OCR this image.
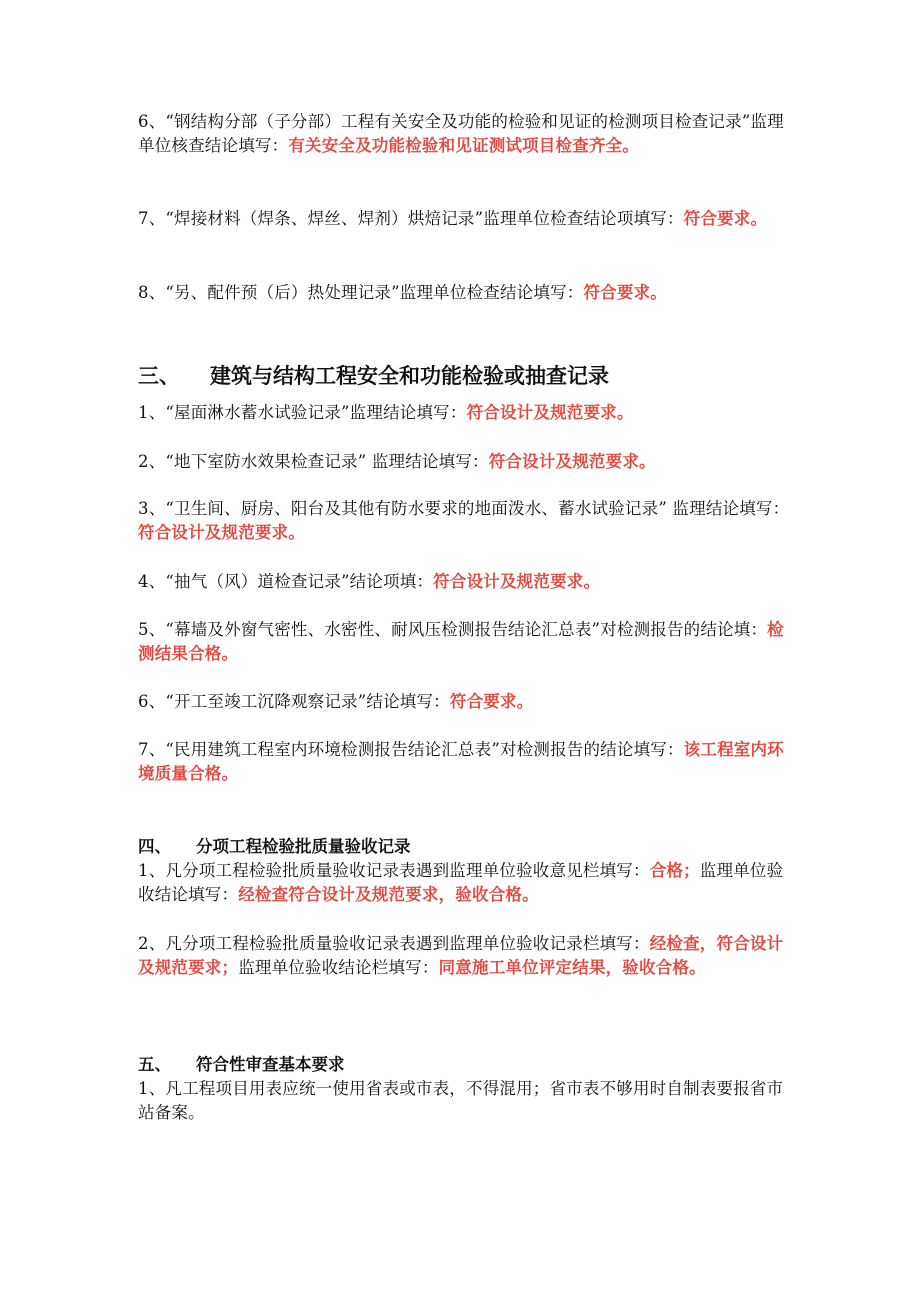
6、“钢结构分部（子分部）工程有关安全及功能的检验和见证的检测项目检查记录”监理单位核查结论填写：有关安全及功能检验和见证测试项目检查齐全。

7、“焊接材料（焊条、焊丝、焊剂）烘焙记录”监理单位检查结论项填写：符合要求。

8、“另、配件预（后）热处理记录”监理单位检查结论填写：符合要求。

三、 建筑与结构工程安全和功能检验或抽查记录

1、“屋面淋水蓄水试验记录”监理结论填写：符合设计及规范要求。

2、“地下室防水效果检查记录” 监理结论填写：符合设计及规范要求。

3、“卫生间、厨房、阳台及其他有防水要求的地面泼水、蓄水试验记录” 监理结论填写：符合设计及规范要求。

4、“抽气（风）道检查记录”结论项填：符合设计及规范要求。

5、“幕墙及外窗气密性、水密性、耐风压检测报告结论汇总表”对检测报告的结论填：检测结果合格。

6、“开工至竣工沉降观察记录”结论填写：符合要求。

7、“民用建筑工程室内环境检测报告结论汇总表”对检测报告的结论填写：该工程室内环境质量合格。

四、 分项工程检验批质量验收记录

1、凡分项工程检验批质量验收记录表遇到监理单位验收意见栏填写：合格；监理单位验收结论填写：经检查符合设计及规范要求，验收合格。

2、凡分项工程检验批质量验收记录表遇到监理单位验收记录栏填写：经检查，符合设计及规范要求；监理单位验收结论栏填写：同意施工单位评定结果，验收合格。

五、 符合性审查基本要求

1、凡工程项目用表应统一使用省表或市表，不得混用；省市表不够用时自制表要报省市站备案。
